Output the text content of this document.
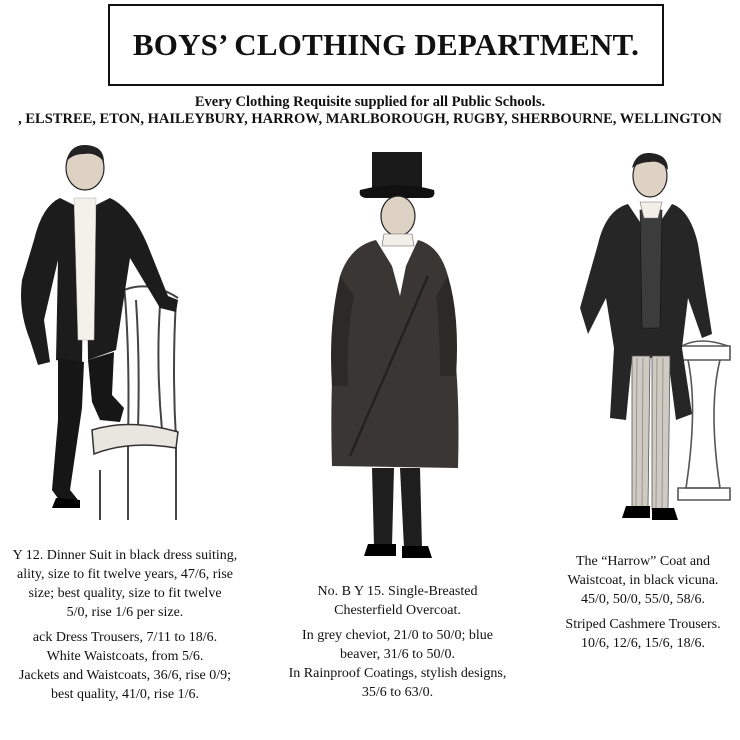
BOYS’ CLOTHING DEPARTMENT.
Every Clothing Requisite supplied for all Public Schools.
, ELSTREE, ETON, HAILEYBURY, HARROW, MARLBOROUGH, RUGBY, SHERBOURNE, WELLINGTON

Y 12. Dinner Suit in black dress suiting,

ality, size to fit twelve years, 47/6, rise

size; best quality, size to fit twelve

5/0, rise 1/6 per size.

ack Dress Trousers, 7/11 to 18/6.

White Waistcoats, from 5/6.

Jackets and Waistcoats, 36/6, rise 0/9;

best quality, 41/0, rise 1/6.

No. B Y 15. Single-Breasted

Chesterfield Overcoat.

In grey cheviot, 21/0 to 50/0; blue

beaver, 31/6 to 50/0.

In Rainproof Coatings, stylish designs,

35/6 to 63/0.

The “Harrow” Coat and

Waistcoat, in black vicuna.

45/0, 50/0, 55/0, 58/6.

Striped Cashmere Trousers.

10/6, 12/6, 15/6, 18/6.
